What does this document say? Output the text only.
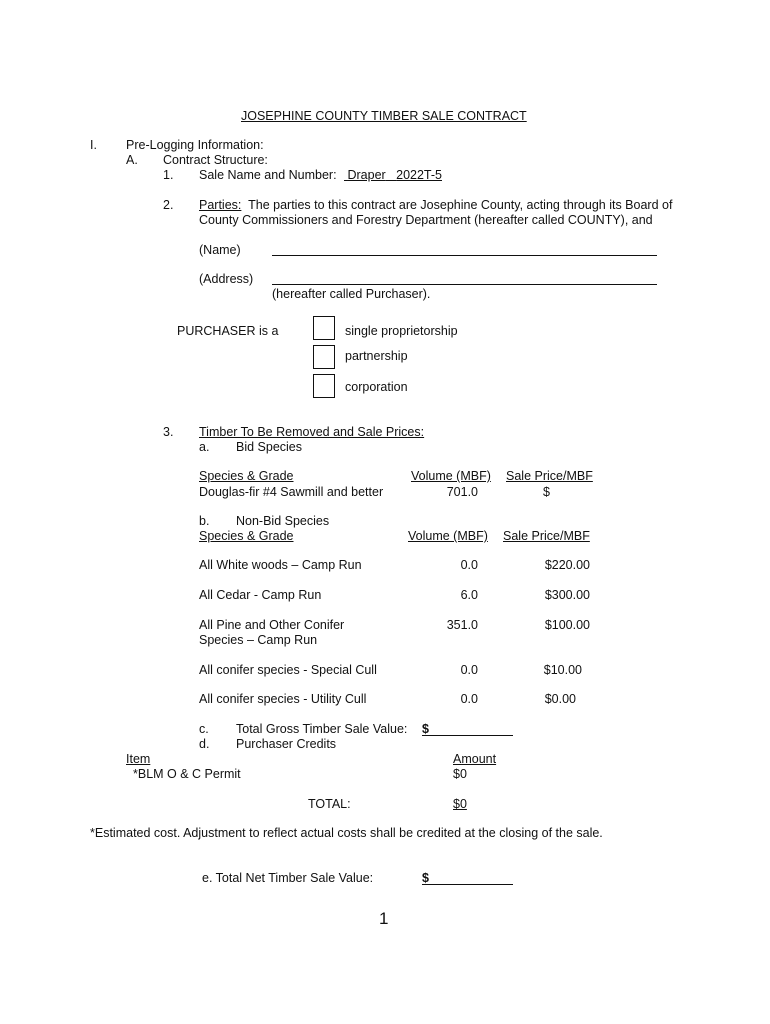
JOSEPHINE COUNTY TIMBER SALE CONTRACT
I. Pre-Logging Information:
A. Contract Structure:
1. Sale Name and Number: Draper 2022T-5
2. Parties: The parties to this contract are Josephine County, acting through its Board of
County Commissioners and Forestry Department (hereafter called COUNTY), and
(Name)
(Address)
(hereafter called Purchaser).
PURCHASER is a	single proprietorship
partnership
corporation
3. Timber To Be Removed and Sale Prices:
a. Bid Species
Species & Grade	Volume (MBF) Sale Price/MBF
Douglas-fir #4 Sawmill and better	701.0	$
b. Non-Bid Species
Species & Grade	Volume (MBF) Sale Price/MBF
All White woods – Camp Run	0.0	$220.00
All Cedar - Camp Run	6.0	$300.00
All Pine and Other Conifer
Species – Camp Run
351.0	$100.00
All conifer species - Special Cull	0.0	$10.00
All conifer species - Utility Cull	0.0	$0.00
c. Total Gross Timber Sale Value: $
d. Purchaser Credits
Item	Amount
*BLM O & C Permit	$0
TOTAL:	$0
*Estimated cost. Adjustment to reflect actual costs shall be credited at the closing of the sale.
e. Total Net Timber Sale Value:	$
1
